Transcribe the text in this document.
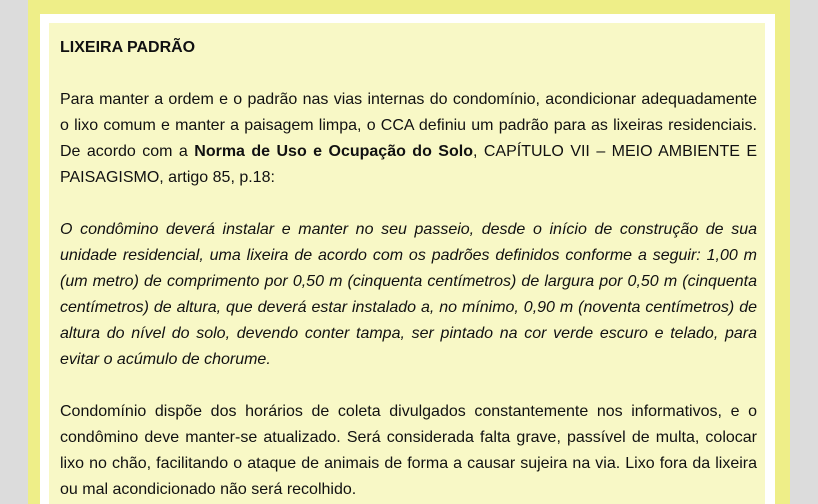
LIXEIRA PADRÃO

Para manter a ordem e o padrão nas vias internas do condomínio, acondicionar adequadamente o lixo comum e manter a paisagem limpa, o CCA definiu um padrão para as lixeiras residenciais. De acordo com a Norma de Uso e Ocupação do Solo, CAPÍTULO VII – MEIO AMBIENTE E PAISAGISMO, artigo 85, p.18:

O condômino deverá instalar e manter no seu passeio, desde o início de construção de sua unidade residencial, uma lixeira de acordo com os padrões definidos conforme a seguir: 1,00 m (um metro) de comprimento por 0,50 m (cinquenta centímetros) de largura por 0,50 m (cinquenta centímetros) de altura, que deverá estar instalado a, no mínimo, 0,90 m (noventa centímetros) de altura do nível do solo, devendo conter tampa, ser pintado na cor verde escuro e telado, para evitar o acúmulo de chorume.

Condomínio dispõe dos horários de coleta divulgados constantemente nos informativos, e o condômino deve manter-se atualizado. Será considerada falta grave, passível de multa, colocar lixo no chão, facilitando o ataque de animais de forma a causar sujeira na via. Lixo fora da lixeira ou mal acondicionado não será recolhido.
